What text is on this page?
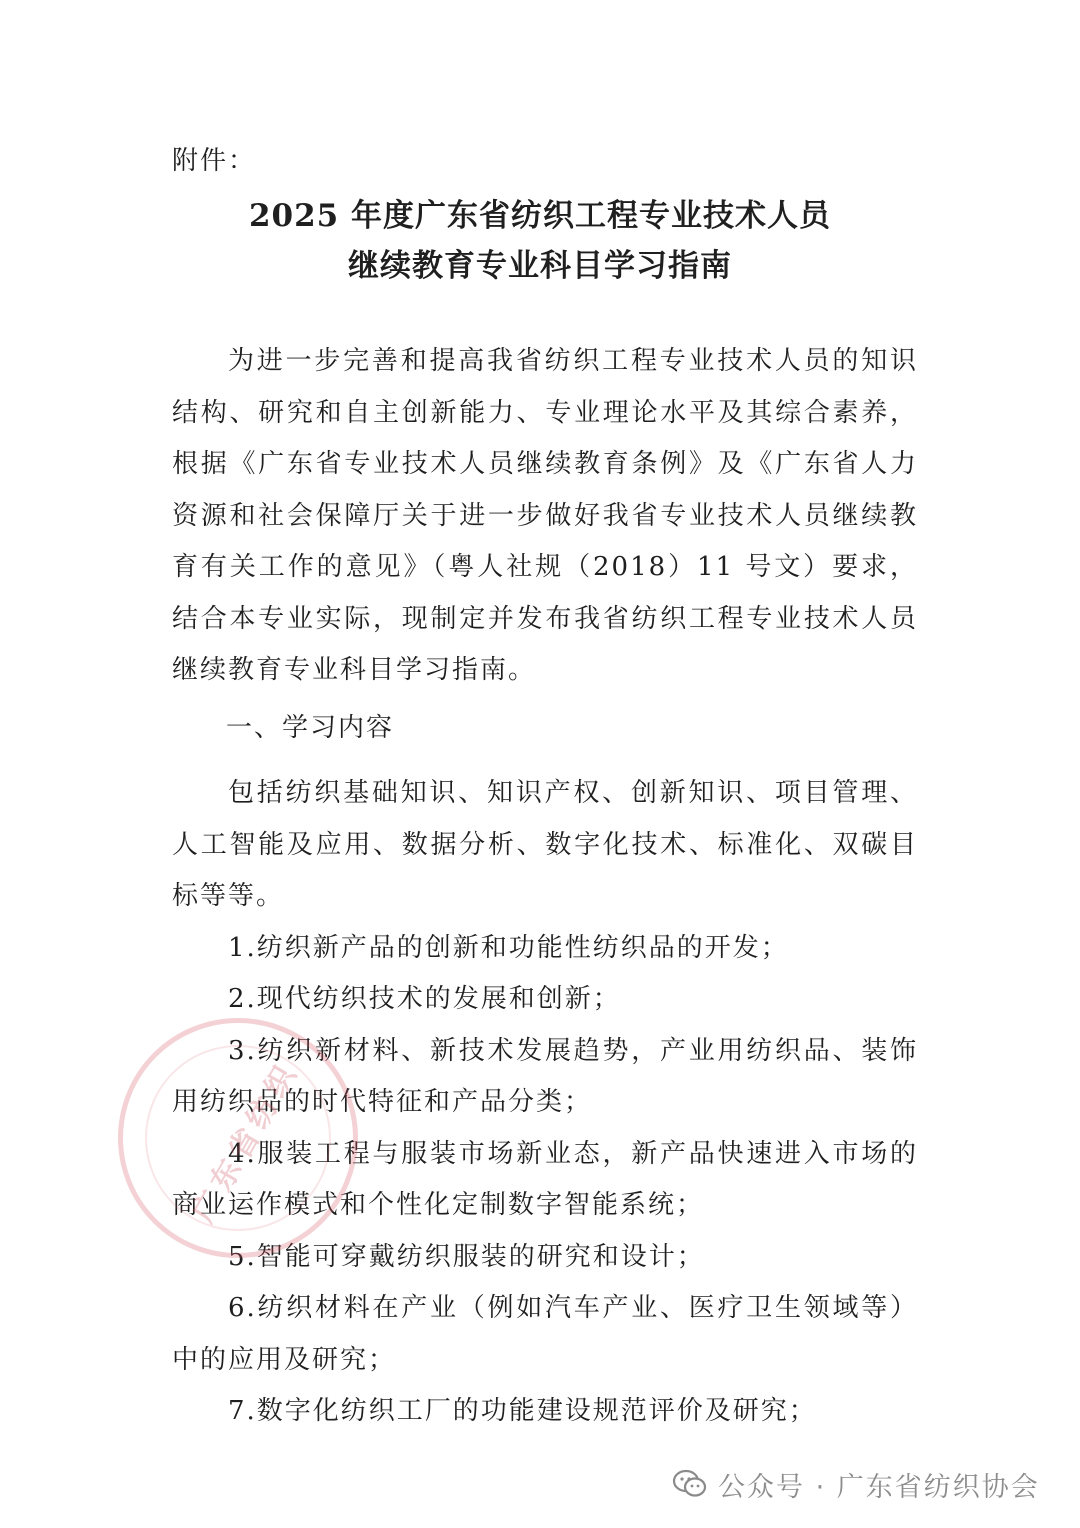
附件：
2025 年度广东省纺织工程专业技术人员
继续教育专业科目学习指南
为进一步完善和提高我省纺织工程专业技术人员的知识结构、研究和自主创新能力、专业理论水平及其综合素养，根据《广东省专业技术人员继续教育条例》及《广东省人力资源和社会保障厅关于进一步做好我省专业技术人员继续教育有关工作的意见》（粤人社规（2018）11 号文）要求，结合本专业实际，现制定并发布我省纺织工程专业技术人员继续教育专业科目学习指南。
一、学习内容
包括纺织基础知识、知识产权、创新知识、项目管理、人工智能及应用、数据分析、数字化技术、标准化、双碳目标等等。
1.纺织新产品的创新和功能性纺织品的开发；
2.现代纺织技术的发展和创新；
3.纺织新材料、新技术发展趋势，产业用纺织品、装饰用纺织品的时代特征和产品分类；
4.服装工程与服装市场新业态，新产品快速进入市场的商业运作模式和个性化定制数字智能系统；
5.智能可穿戴纺织服装的研究和设计；
6.纺织材料在产业（例如汽车产业、医疗卫生领域等）中的应用及研究；
7.数字化纺织工厂的功能建设规范评价及研究；
广东省纺织
公众号 · 广东省纺织协会
